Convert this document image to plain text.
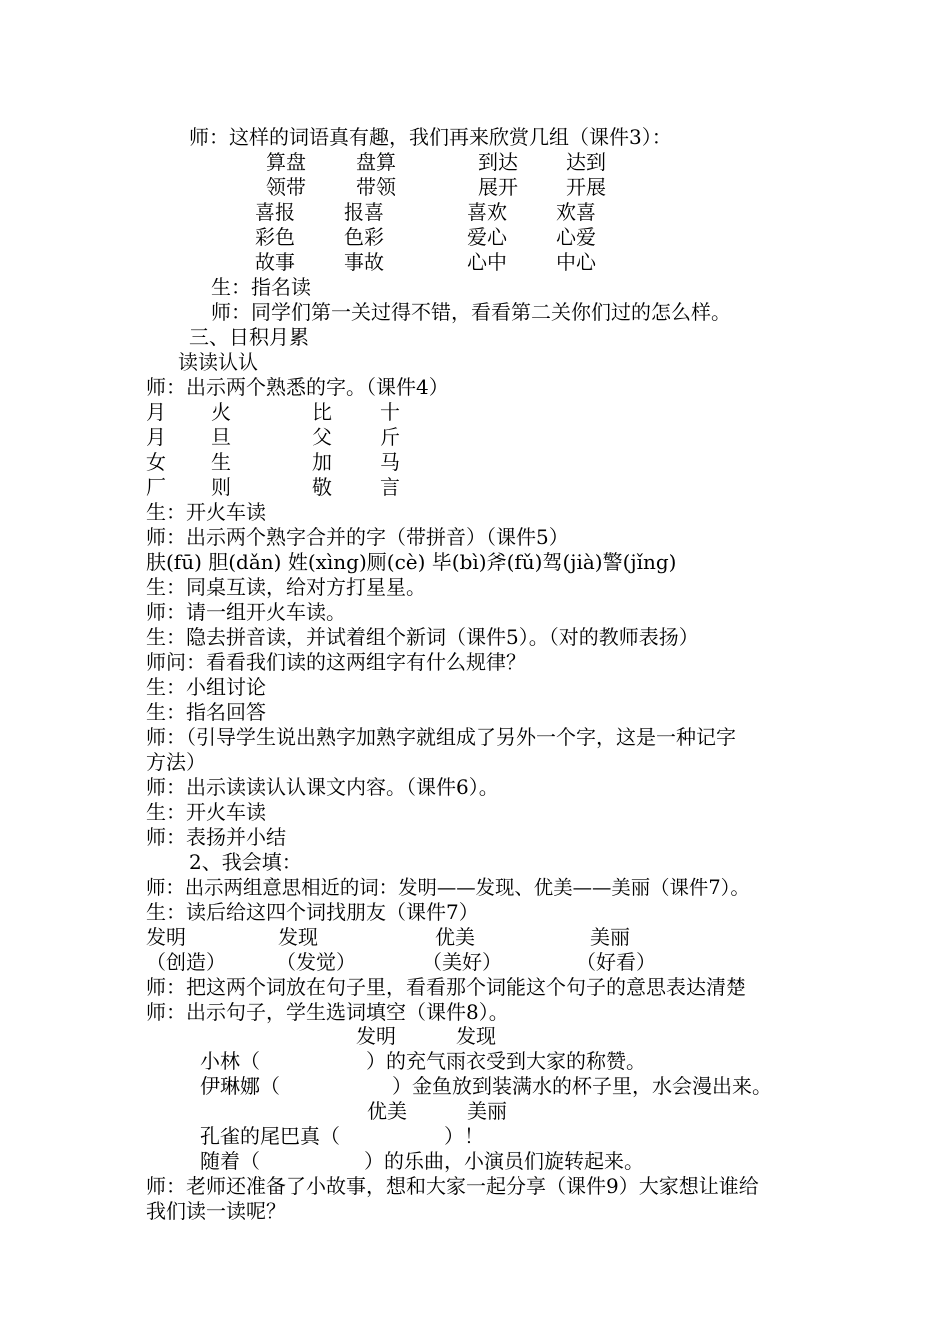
师：这样的词语真有趣，我们再来欣赏几组（课件3）：
算盘	盘算	到达 达到
领带	带领	展开 开展
喜报 报喜	喜欢 欢喜
彩色 色彩	爱心 心爱
故事 事故	心中 中心
生：指名读
师：同学们第一关过得不错，看看第二关你们过的怎么样。
三、日积月累
读读认认
师：出示两个熟悉的字。（课件4）
月 火	比 十
月 旦	父 斤
女 生	加 马
厂 则	敬 言
生：开火车读
师：出示两个熟字合并的字（带拼音）（课件5）
肤(fū) 胆(dǎn) 姓(xìng)厕(cè) 毕(bì)斧(fǔ)驾(jià)警(jǐng)
生：同桌互读，给对方打星星。
师：请一组开火车读。
生：隐去拼音读，并试着组个新词（课件5）。（对的教师表扬）
师问：看看我们读的这两组字有什么规律？
生：小组讨论
生：指名回答
师：（引导学生说出熟字加熟字就组成了另外一个字，这是一种记字
方法）
师：出示读读认认课文内容。（课件6）。
生：开火车读
师：表扬并小结
2、我会填：
师：出示两组意思相近的词：发明——发现、优美——美丽（课件7）。
生：读后给这四个词找朋友（课件7）
发明	发现	优美	美丽
（创造）	（发觉）	（美好）	（好看）
师：把这两个词放在句子里，看看那个词能这个句子的意思表达清楚
师：出示句子，学生选词填空（课件8）。
发明	发现
小林（	）的充气雨衣受到大家的称赞。
伊琳娜（	）金鱼放到装满水的杯子里，水会漫出来。
优美	美丽
孔雀的尾巴真（	）！
随着（	）的乐曲，小演员们旋转起来。
师：老师还准备了小故事，想和大家一起分享（课件9）大家想让谁给
我们读一读呢？
